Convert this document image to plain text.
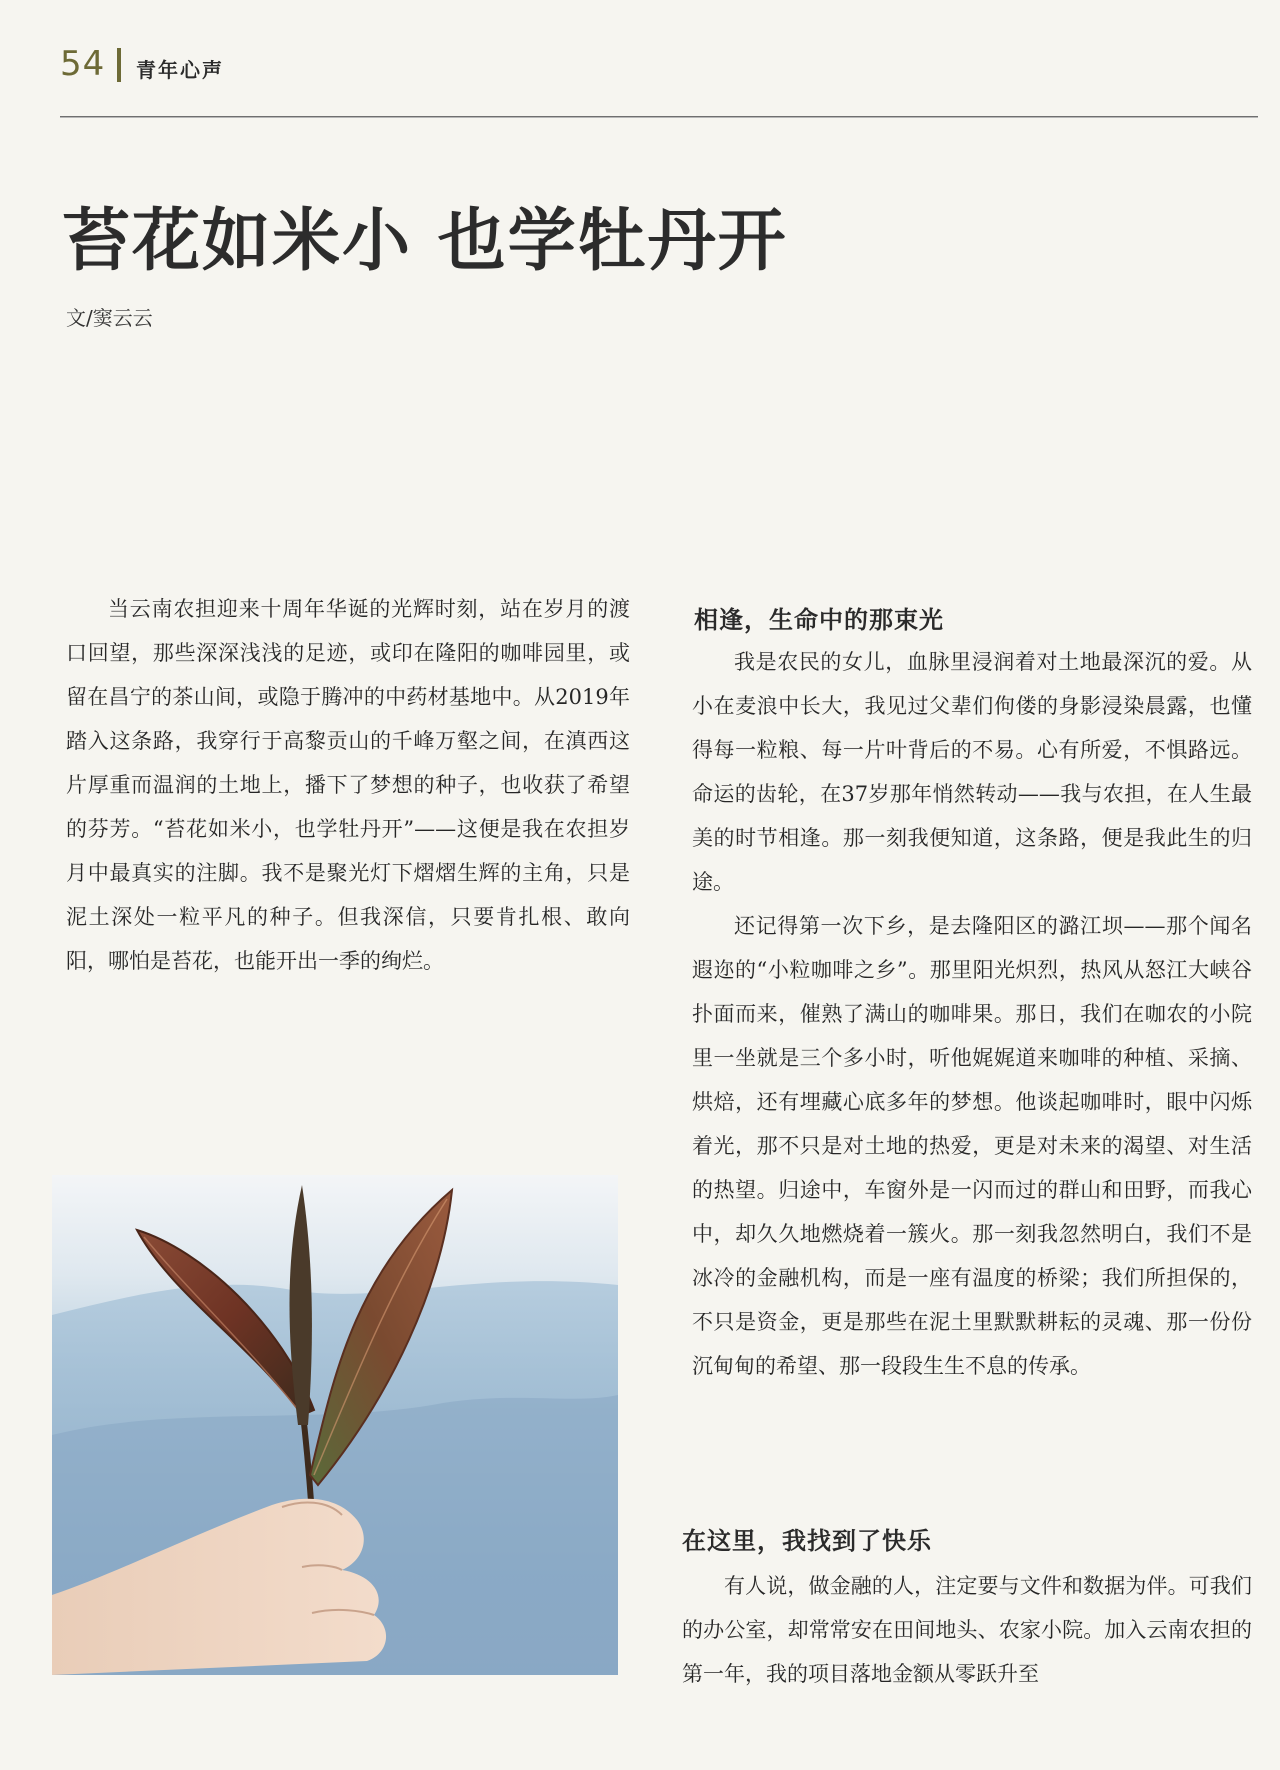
54 青年心声
苔花如米小 也学牡丹开
文/窦云云

当云南农担迎来十周年华诞的光辉时刻，站在岁月的渡口回望，那些深深浅浅的足迹，或印在隆阳的咖啡园里，或留在昌宁的茶山间，或隐于腾冲的中药材基地中。从2019年踏入这条路，我穿行于高黎贡山的千峰万壑之间，在滇西这片厚重而温润的土地上，播下了梦想的种子，也收获了希望的芬芳。“苔花如米小，也学牡丹开”——这便是我在农担岁月中最真实的注脚。我不是聚光灯下熠熠生辉的主角，只是泥土深处一粒平凡的种子。但我深信，只要肯扎根、敢向阳，哪怕是苔花，也能开出一季的绚烂。

相逢，生命中的那束光

我是农民的女儿，血脉里浸润着对土地最深沉的爱。从小在麦浪中长大，我见过父辈们佝偻的身影浸染晨露，也懂得每一粒粮、每一片叶背后的不易。心有所爱，不惧路远。命运的齿轮，在37岁那年悄然转动——我与农担，在人生最美的时节相逢。那一刻我便知道，这条路，便是我此生的归途。

还记得第一次下乡，是去隆阳区的潞江坝——那个闻名遐迩的“小粒咖啡之乡”。那里阳光炽烈，热风从怒江大峡谷扑面而来，催熟了满山的咖啡果。那日，我们在咖农的小院里一坐就是三个多小时，听他娓娓道来咖啡的种植、采摘、烘焙，还有埋藏心底多年的梦想。他谈起咖啡时，眼中闪烁着光，那不只是对土地的热爱，更是对未来的渴望、对生活的热望。归途中，车窗外是一闪而过的群山和田野，而我心中，却久久地燃烧着一簇火。那一刻我忽然明白，我们不是冰冷的金融机构，而是一座有温度的桥梁；我们所担保的，不只是资金，更是那些在泥土里默默耕耘的灵魂、那一份份沉甸甸的希望、那一段段生生不息的传承。

在这里，我找到了快乐

有人说，做金融的人，注定要与文件和数据为伴。可我们的办公室，却常常安在田间地头、农家小院。加入云南农担的第一年，我的项目落地金额从零跃升至
